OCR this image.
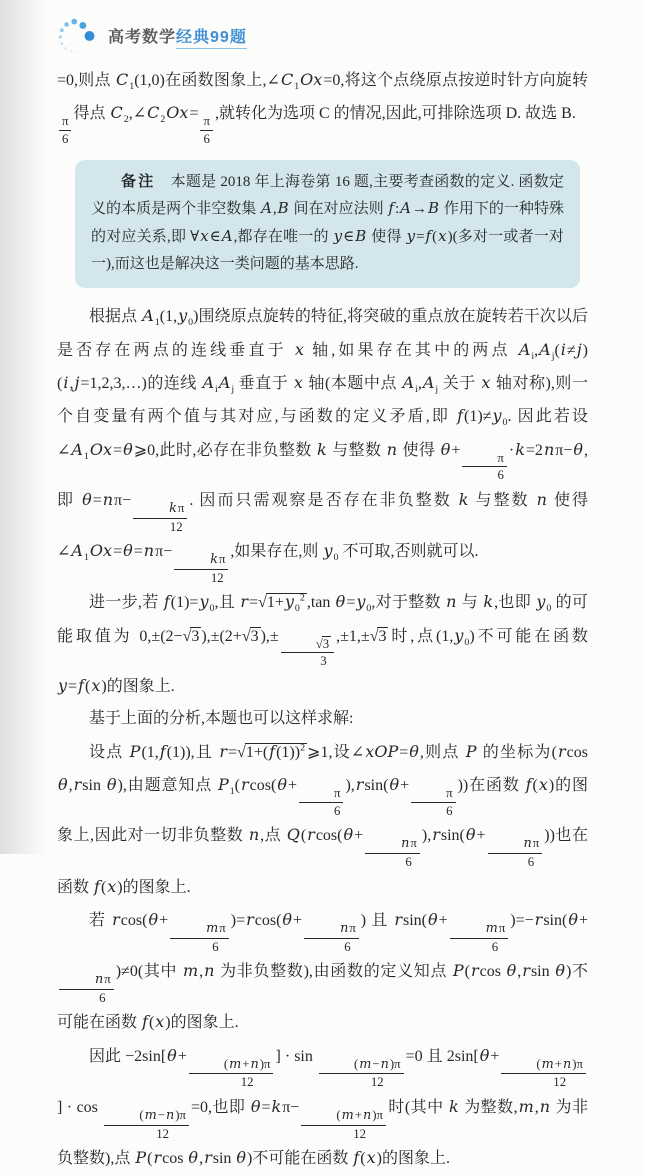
高考数学经典99题

=0,则点 $C_1(1,0)$在函数图象上$,\angle C_1Ox=0$,将这个点绕原点按逆时针方向旋转
$\frac{\pi}{6}$ 得点 $C_2,\angle C_2Ox= \frac{\pi}{6}$ ,就转化为选项 C 的情况,因此,可排除选项 D. 故选 B.

备注 本题是 2018 年上海卷第 16 题,主要考查函数的定义. 函数定义的本质是两个非空数集 A,B 间在对应法则 f:A→B 作用下的一种特殊的对应关系,即 ∀x∈A,都存在唯一的 y∈B 使得 y=f(x)(多对一或者一对一),而这也是解决这一类问题的基本思路.

根据点 $A_1(1,y_0)$围绕原点旋转的特征,将突破的重点放在旋转若干次以后是否存在两点的连线垂直于 x 轴,如果存在其中的两点 $A_i,A_j(i\ne j)(i,j=1,2,3,\dots)$的连线 $A_iA_j$ 垂直于 x 轴(本题中点 $A_i,A_j$ 关于 x 轴对称),则一个自变量有两个值与其对应,与函数的定义矛盾,即 $f(1)\ne y_0$. 因此若设$\angle A_1Ox=\theta⩾0$,此时,必存在非负整数 k 与整数 n 使得 $\theta+ \frac{\pi}{6} \cdot k=2n\pi-\theta$,即 $\theta=n\pi- \frac{k\pi}{12}$ . 因而只需观察是否存在非负整数 k 与整数 n 使得$\angle A_1Ox=\theta=n\pi- \frac{k\pi}{12}$ ,如果存在,则 $y_0$ 不可取,否则就可以.

进一步,若 $f(1)=y_0$,且 $r=√1+y_0^2$ ,tan $\theta=y_0$,对于整数 n 与 k,也即 $y_0$ 的可能取值为 0,±(2−√3 ),±(2+√3 ),± $\frac{√3}{3} ,\pm 1,\pm√3$ 时,点$(1,y_0)$不可能在函数 y=f(x)的图象上.

基于上面的分析,本题也可以这样求解:

设点 P(1,f(1)),且 $r=√1+(f(1))^2$ ⩾1,设∠xOP=θ,则点 P 的坐标为(rcos θ,rsin θ),由题意知点 $P_1(rcos(\theta+ \frac{\pi}{6} ),rsin(\theta+ \frac{\pi}{6}$ ))在函数 f(x)的图象上,因此对一切非负整数 n,点 $Q(rcos(\theta+ \frac{n\pi}{6} ),rsin(\theta+ \frac{n\pi}{6}$ ))也在函数 f(x)的图象上.

若 $rcos(\theta+ \frac{m\pi}{6} )=rcos(\theta+ \frac{n\pi}{6}$ ) 且 $rsin(\theta+ \frac{m\pi}{6} )=-rsin(\theta+$
$\frac{n\pi}{6} )\ne 0$(其中 m,n 为非负整数),由函数的定义知点 P(rcos θ,rsin θ)不可能在函数 f(x)的图象上.

因此 $-2\sin[\theta+ \frac{(m+n)\pi}{12}$ ] · $\sin \frac{(m-n)\pi}{12} =0$ 且 $2\sin[\theta+ \frac{(m+n)\pi}{12}$
] · $\cos \frac{(m-n)\pi}{12} =0$,也即 $\theta=k\pi- \frac{(m+n)\pi}{12}$ 时(其中 k 为整数,m,n 为非负整数),点 P(rcos θ,rsin θ)不可能在函数 f(x)的图象上.
